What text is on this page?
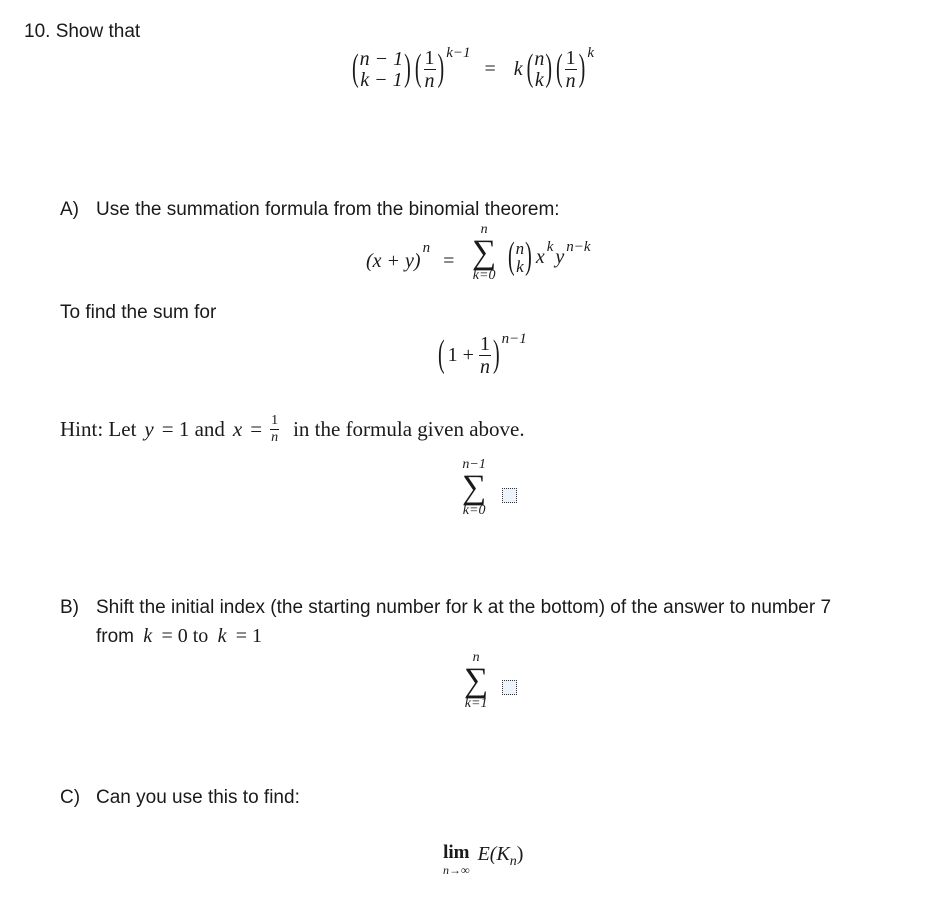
10. Show that
( n − 1
k − 1 ) ( $\frac{1}{n}$ ) k−1
= k ( n
k ) ( $\frac{1}{n}$ ) k
A) Use the summation formula from the binomial theorem:
$(x + y)^n$ =
n
∑
k=0 ( n
k ) x k y n−k
To find the sum for
( $1 + \frac{1}{n}$ ) n−1
Hint: Let y = 1 and $x = \frac{1}{n}$ in the formula given above.
n−1
∑
k=0
B) Shift the initial index (the starting number for k at the bottom) of the answer to number 7
from k = 0 to k = 1
n
∑
k=1
C) Can you use this to find:
lim
n→∞
$E(K_n)$
